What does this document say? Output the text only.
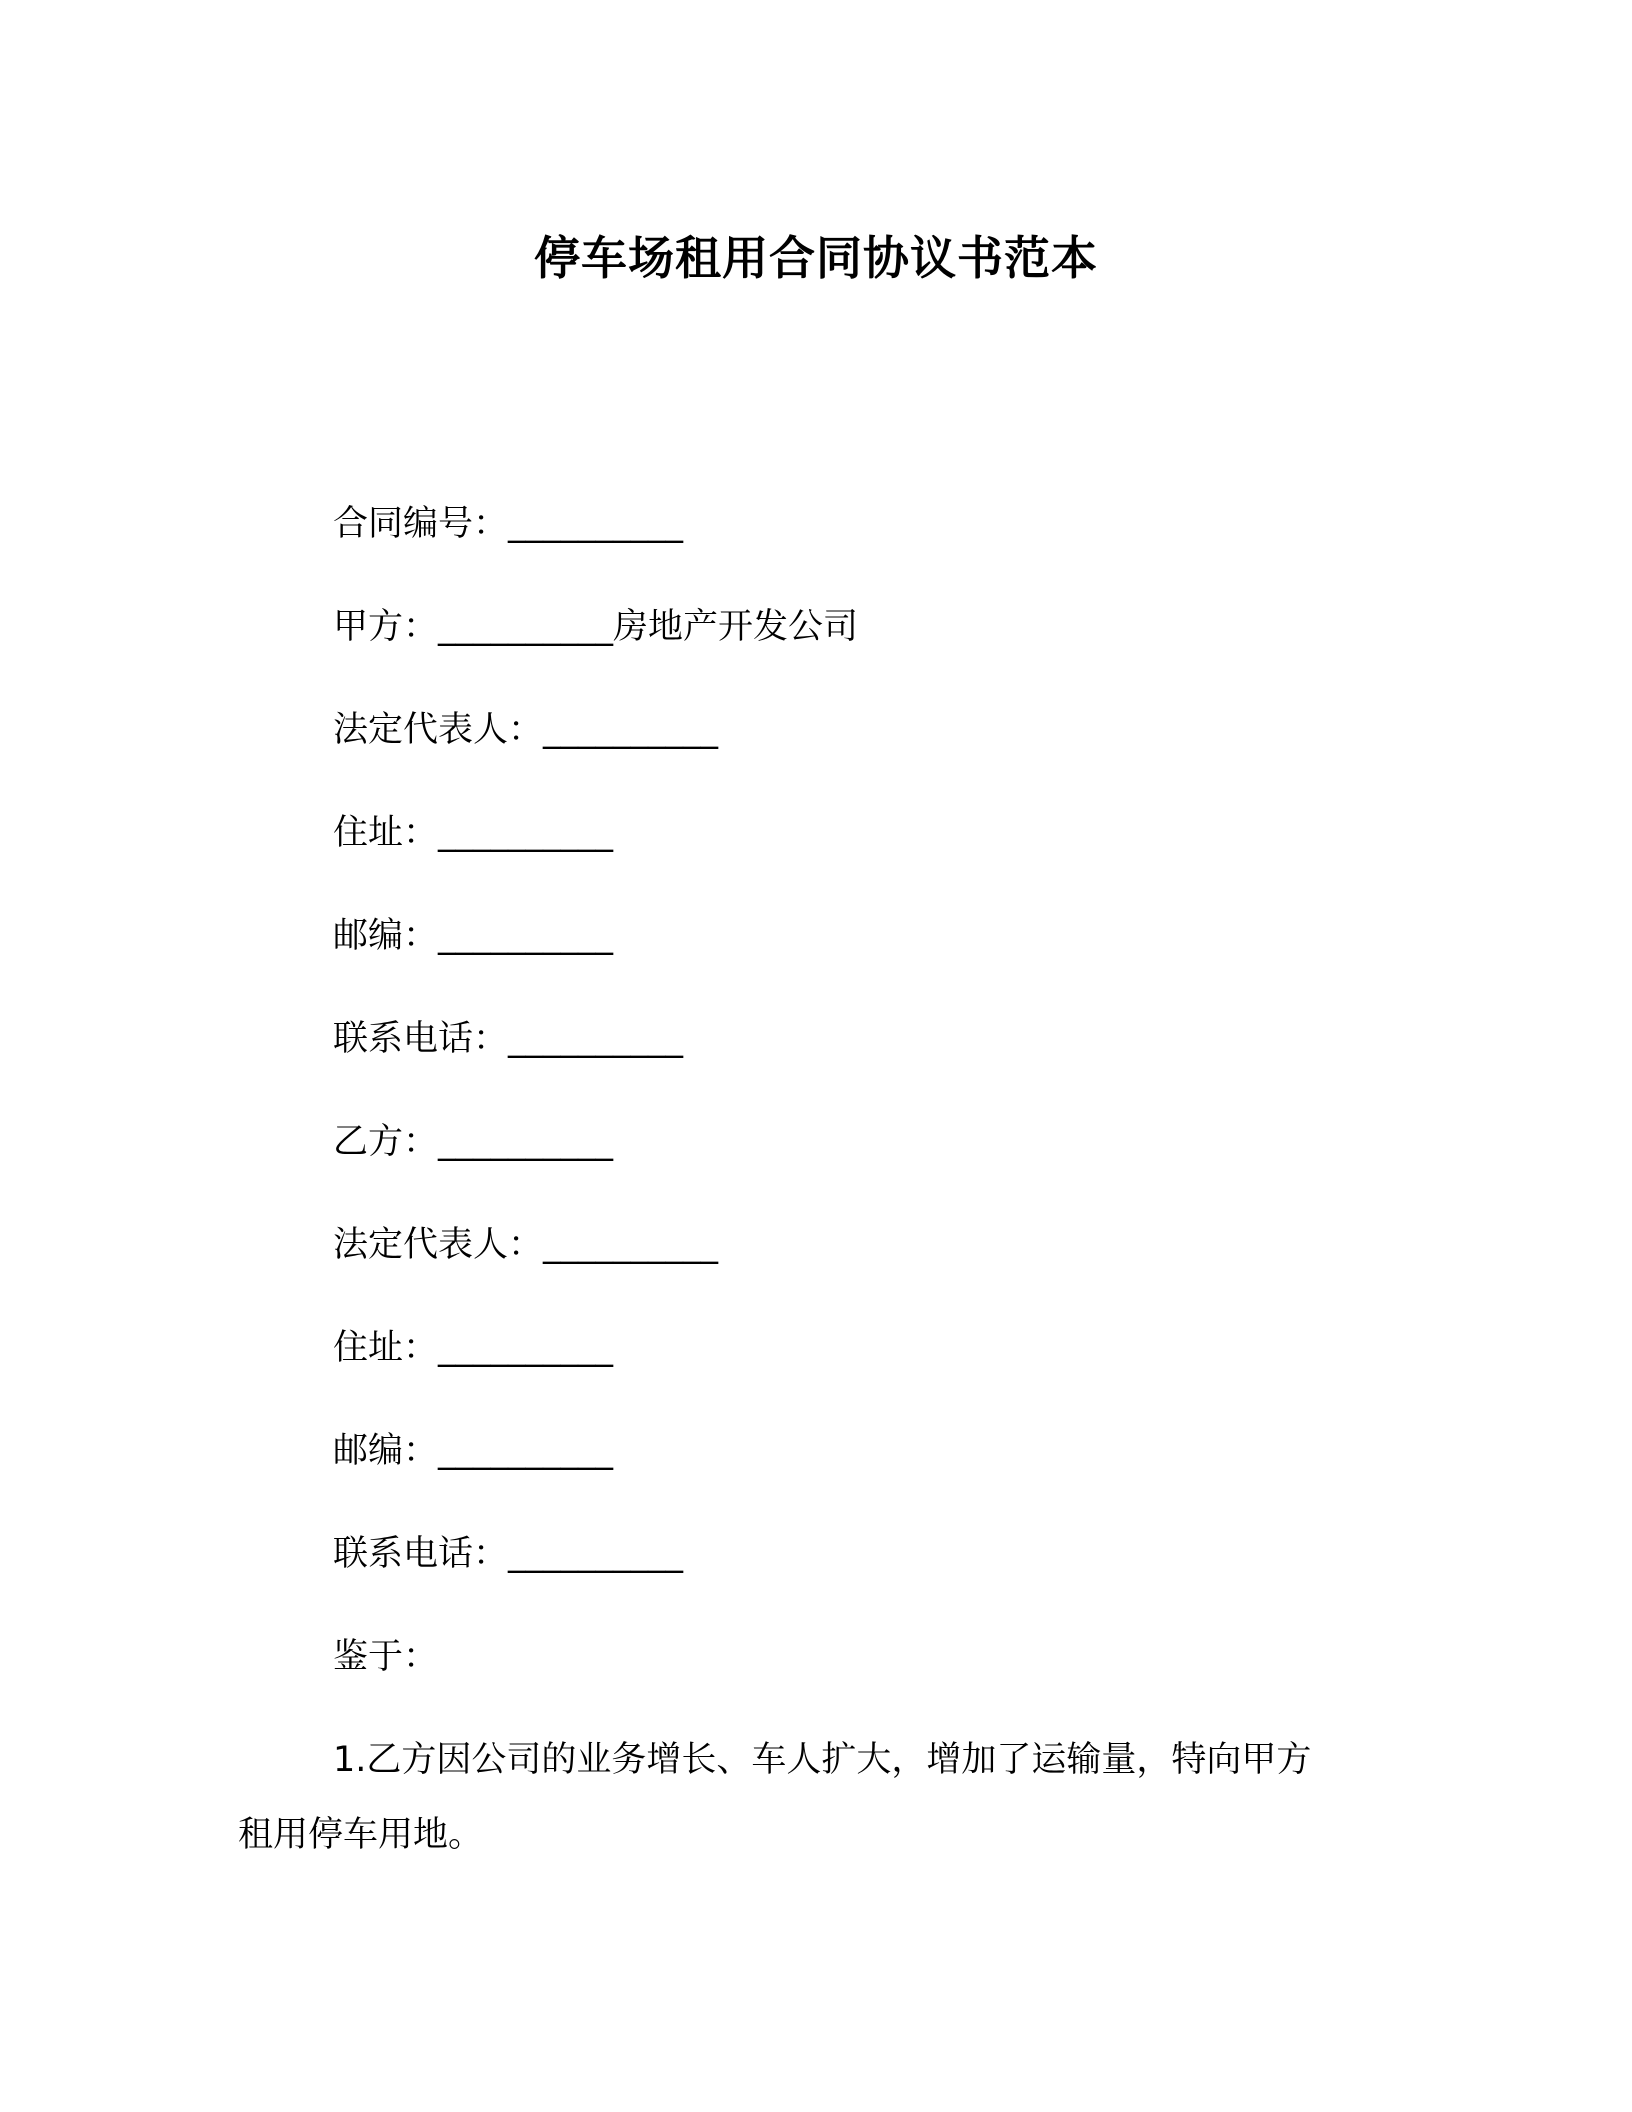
停车场租用合同协议书范本
合同编号：__________
甲方：__________房地产开发公司
法定代表人：__________
住址：__________
邮编：__________
联系电话：__________
乙方：__________
法定代表人：__________
住址：__________
邮编：__________
联系电话：__________
鉴于：
1.乙方因公司的业务增长、车人扩大，增加了运输量，特向甲方
租用停车用地。
